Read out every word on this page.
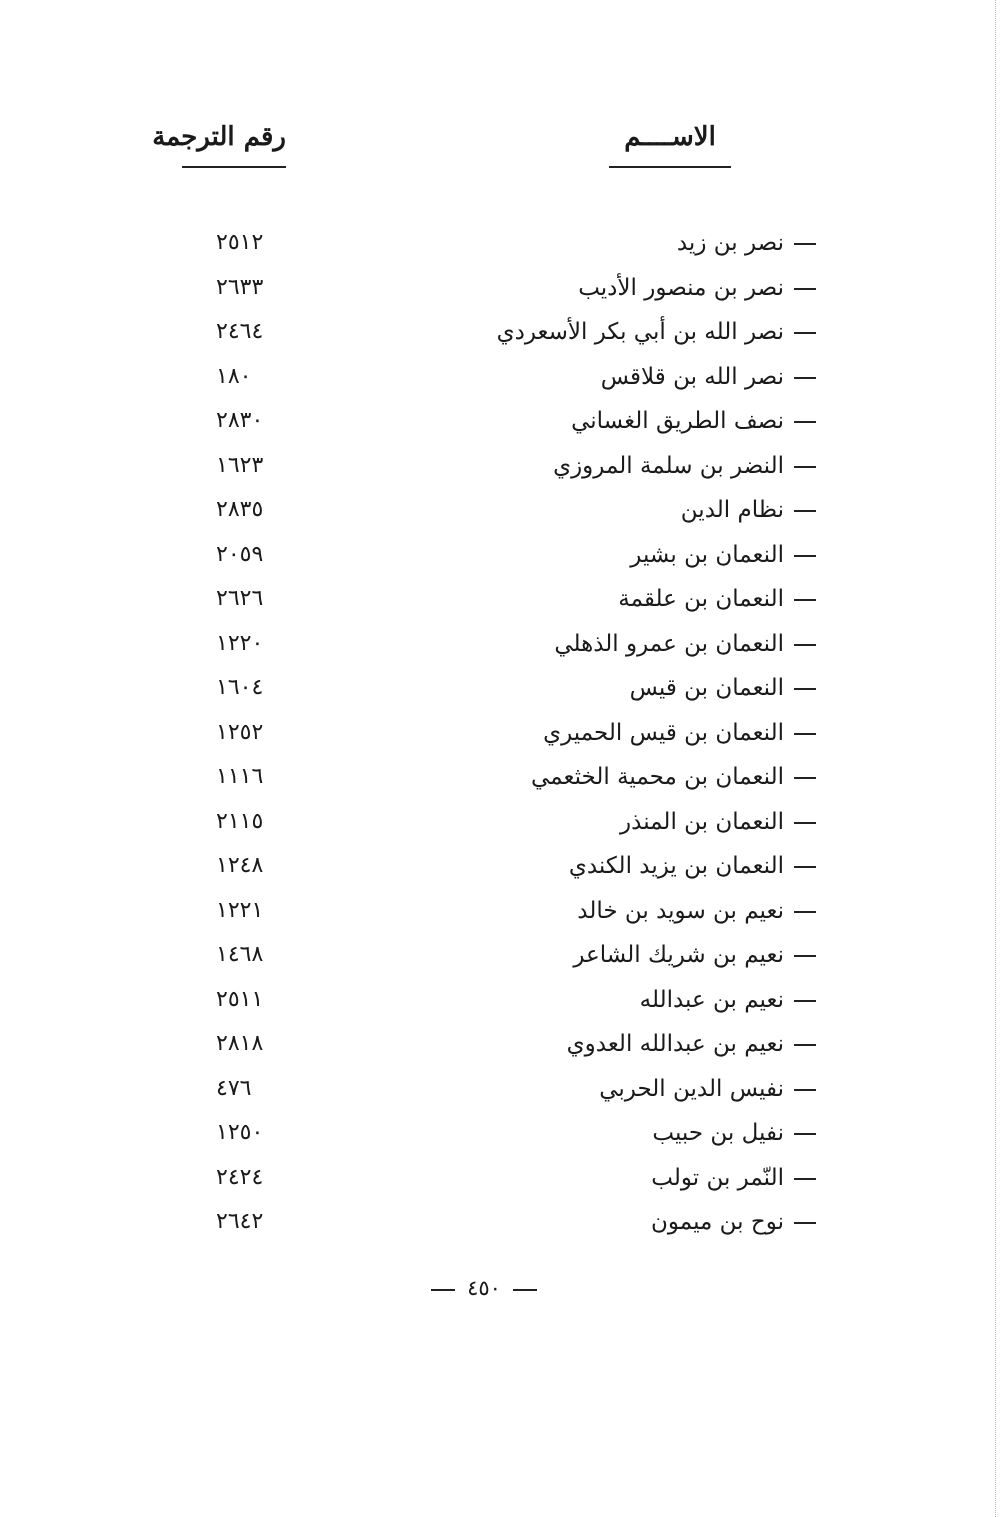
الاســــم
رقم الترجمة
نصر بن زيد
٢٥١٢
نصر بن منصور الأديب
٢٦٣٣
نصر الله بن أبي بكر الأسعردي
٢٤٦٤
نصر الله بن قلاقس
١٨٠
نصف الطريق الغساني
٢٨٣٠
النضر بن سلمة المروزي
١٦٢٣
نظام الدين
٢٨٣٥
النعمان بن بشير
٢٠٥٩
النعمان بن علقمة
٢٦٢٦
النعمان بن عمرو الذهلي
١٢٢٠
النعمان بن قيس
١٦٠٤
النعمان بن قيس الحميري
١٢٥٢
النعمان بن محمية الخثعمي
١١١٦
النعمان بن المنذر
٢١١٥
النعمان بن يزيد الكندي
١٢٤٨
نعيم بن سويد بن خالد
١٢٢١
نعيم بن شريك الشاعر
١٤٦٨
نعيم بن عبدالله
٢٥١١
نعيم بن عبدالله العدوي
٢٨١٨
نفيس الدين الحربي
٤٧٦
نفيل بن حبيب
١٢٥٠
النّمر بن تولب
٢٤٢٤
نوح بن ميمون
٢٦٤٢
٤٥٠
